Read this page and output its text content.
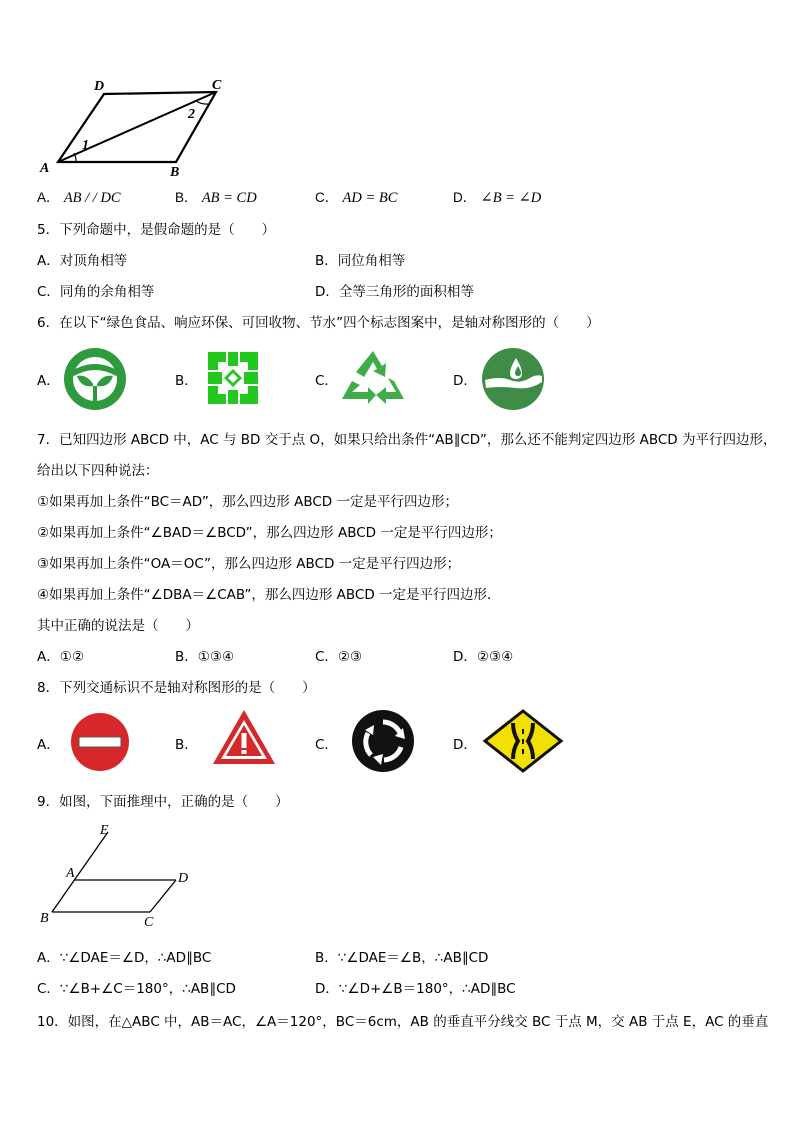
A
D	C
B
1
2
A． AB / / DC	B． AB = CD	C． AD = BC	D． ∠B = ∠D
5．下列命题中，是假命题的是（　　）
A．对顶角相等	B．同位角相等
C．同角的余角相等	D．全等三角形的面积相等
6．在以下“绿色食品、响应环保、可回收物、节水”四个标志图案中，是轴对称图形的（　　）
A．	B．	C．	D．
7．已知四边形 ABCD 中，AC 与 BD 交于点 O，如果只给出条件“AB∥CD”，那么还不能判定四边形 ABCD 为平行四边形，
给出以下四种说法：
①如果再加上条件“BC＝AD”，那么四边形 ABCD 一定是平行四边形；
②如果再加上条件“∠BAD＝∠BCD”，那么四边形 ABCD 一定是平行四边形；
③如果再加上条件“OA＝OC”，那么四边形 ABCD 一定是平行四边形；
④如果再加上条件“∠DBA＝∠CAB”，那么四边形 ABCD 一定是平行四边形．
其中正确的说法是（　　）
A．①②	B．①③④	C．②③	D．②③④
8．下列交通标识不是轴对称图形的是（　　）
A．	B．	C．	D．
9．如图，下面推理中，正确的是（　　）
E
A	D
B	C
A．∵∠DAE＝∠D，∴AD∥BC	B．∵∠DAE＝∠B，∴AB∥CD
C．∵∠B+∠C＝180°，∴AB∥CD	D．∵∠D+∠B＝180°，∴AD∥BC
10．如图，在△ABC 中，AB＝AC，∠A＝120°，BC＝6cm，AB 的垂直平分线交 BC 于点 M，交 AB 于点 E，AC 的垂直
